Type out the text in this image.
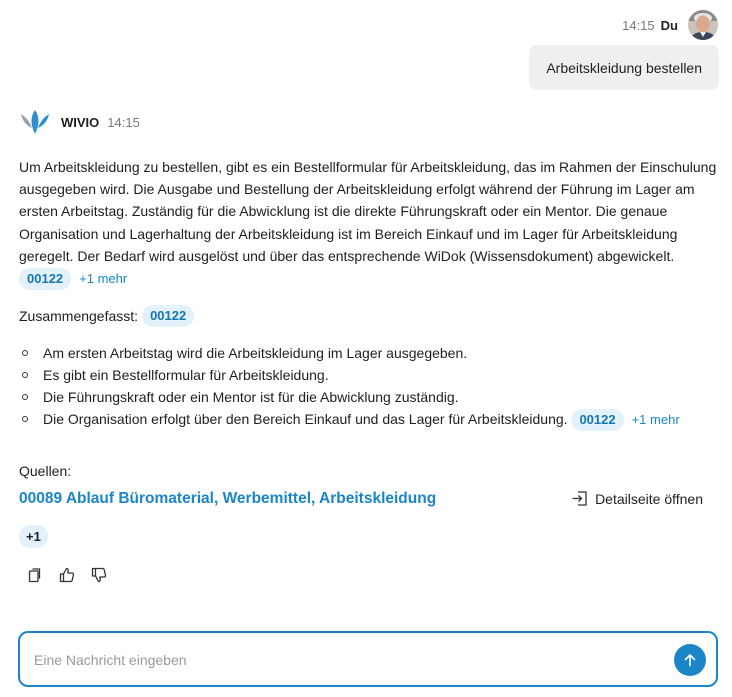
14:15 Du
Arbeitskleidung bestellen
WIVIO 14:15
Um Arbeitskleidung zu bestellen, gibt es ein Bestellformular für Arbeitskleidung, das im Rahmen der Einschulung ausgegeben wird. Die Ausgabe und Bestellung der Arbeitskleidung erfolgt während der Führung im Lager am ersten Arbeitstag. Zuständig für die Abwicklung ist die direkte Führungskraft oder ein Mentor. Die genaue Organisation und Lagerhaltung der Arbeitskleidung ist im Bereich Einkauf und im Lager für Arbeitskleidung geregelt. Der Bedarf wird ausgelöst und über das entsprechende WiDok (Wissensdokument) abgewickelt.
00122 +1 mehr
Zusammengefasst: 00122
Am ersten Arbeitstag wird die Arbeitskleidung im Lager ausgegeben.
Es gibt ein Bestellformular für Arbeitskleidung.
Die Führungskraft oder ein Mentor ist für die Abwicklung zuständig.
Die Organisation erfolgt über den Bereich Einkauf und das Lager für Arbeitskleidung. 00122 +1 mehr
Quellen:
00089 Ablauf Büromaterial, Werbemittel, Arbeitskleidung	Detailseite öffnen
+1
Eine Nachricht eingeben
